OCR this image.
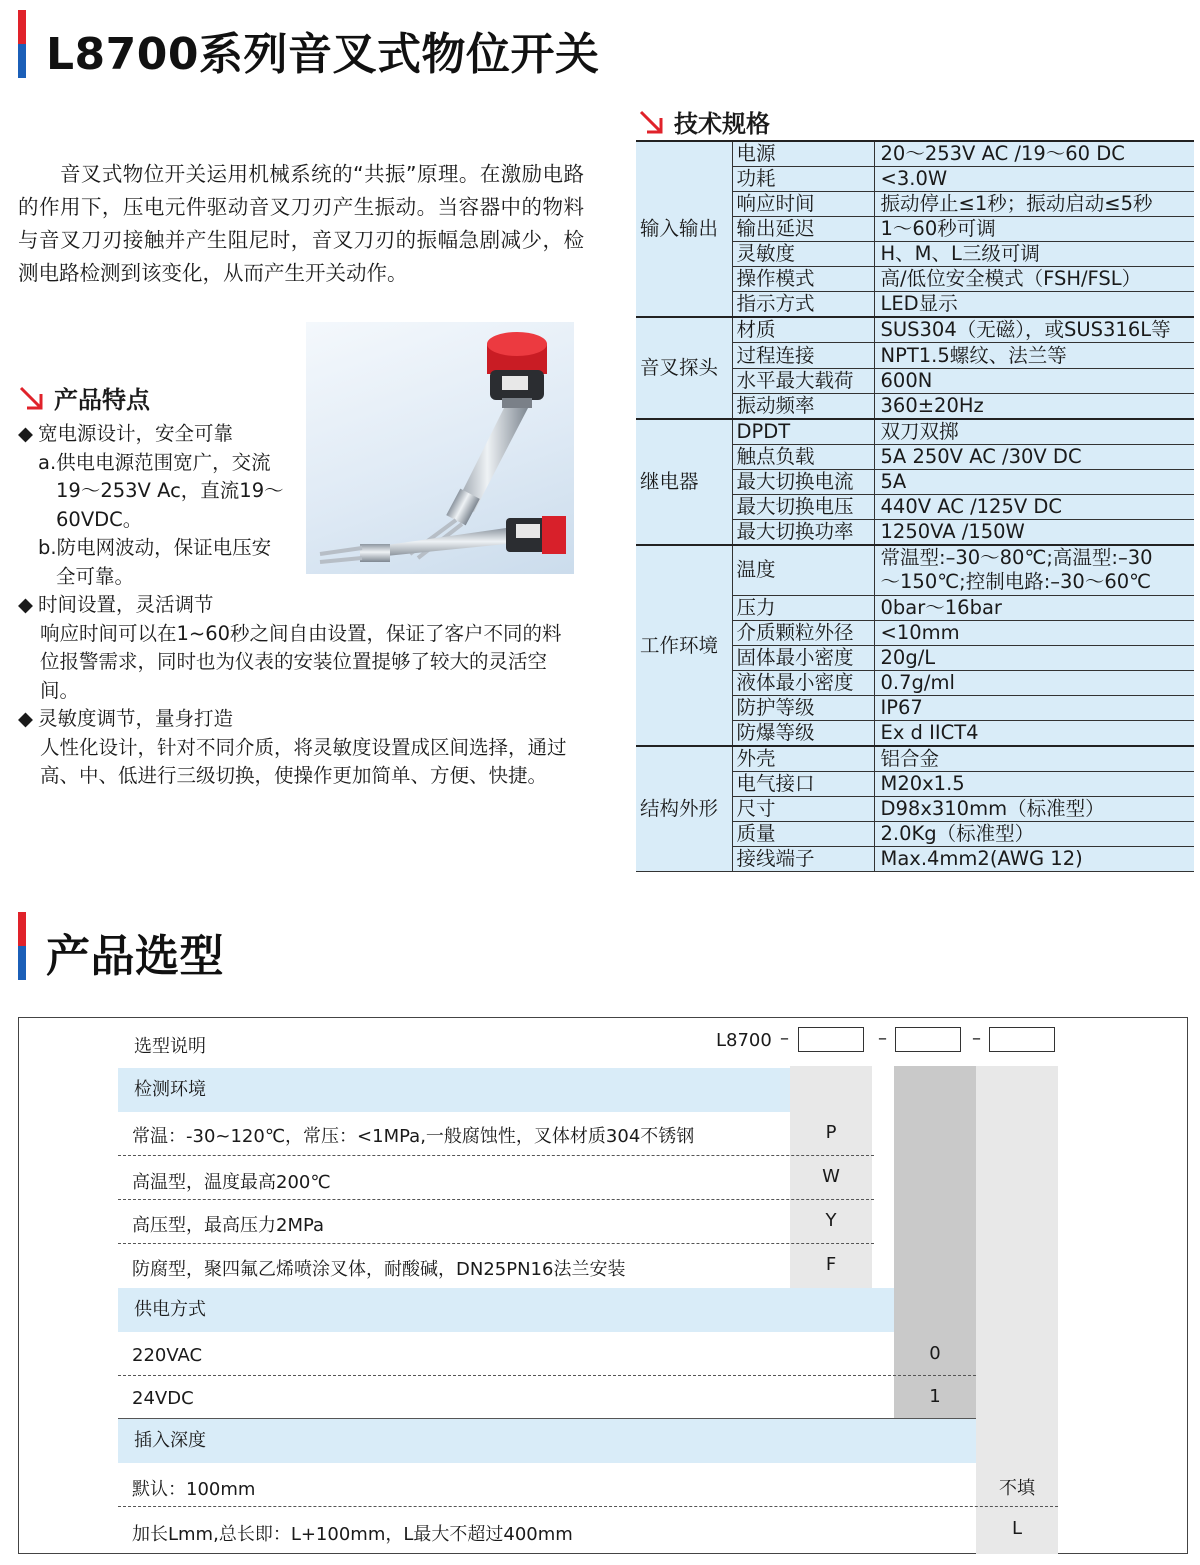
L8700系列音叉式物位开关

音叉式物位开关运用机械系统的“共振”原理。在激励电路的作用下，压电元件驱动音叉刀刃产生振动。当容器中的物料与音叉刀刃接触并产生阻尼时，音叉刀刃的振幅急剧减少，检测电路检测到该变化，从而产生开关动作。

产品特点
◆ 宽电源设计，安全可靠
a.供电电源范围宽广，交流
19～253V Ac，直流19～
60VDC。
b.防电网波动，保证电压安
全可靠。
◆ 时间设置，灵活调节
响应时间可以在1~60秒之间自由设置，保证了客户不同的料位报警需求，同时也为仪表的安装位置提够了较大的灵活空间。
◆ 灵敏度调节，量身打造
人性化设计，针对不同介质，将灵敏度设置成区间选择，通过高、中、低进行三级切换，使操作更加简单、方便、快捷。
技术规格
输入输出	电源	20～253V AC /19～60 DC
	功耗	<3.0W
	响应时间	振动停止≤1秒；振动启动≤5秒
	输出延迟	1～60秒可调
	灵敏度	H、M、L三级可调
	操作模式	高/低位安全模式（FSH/FSL）
	指示方式	LED显示
音叉探头	材质	SUS304（无磁），或SUS316L等
	过程连接	NPT1.5螺纹、法兰等
	水平最大载荷	600N
	振动频率	360±20Hz
继电器	DPDT	双刀双掷
	触点负载	5A 250V AC /30V DC
	最大切换电流	5A
	最大切换电压	440V AC /125V DC
	最大切换功率	1250VA /150W
工作环境	温度	常温型:–30～80℃;高温型:–30
		～150℃;控制电路:–30～60℃
	压力	0bar～16bar
	介质颗粒外径	<10mm
	固体最小密度	20g/L
	液体最小密度	0.7g/ml
	防护等级	IP67
	防爆等级	Ex d IICT4
结构外形	外壳	铝合金
	电气接口	M20x1.5
	尺寸	D98x310mm（标准型）
	质量	2.0Kg（标准型）
	接线端子	Max.4mm2(AWG 12)
产品选型
选型说明	L8700 –	–	–
检测环境
常温：-30~120℃，常压：<1MPa,一般腐蚀性，叉体材质304不锈钢	P
高温型，温度最高200℃	W
高压型，最高压力2MPa	Y
防腐型，聚四氟乙烯喷涂叉体，耐酸碱，DN25PN16法兰安装	F
供电方式
220VAC	0
24VDC	1
插入深度
默认：100mm	不填
加长Lmm,总长即：L+100mm，L最大不超过400mm	L
